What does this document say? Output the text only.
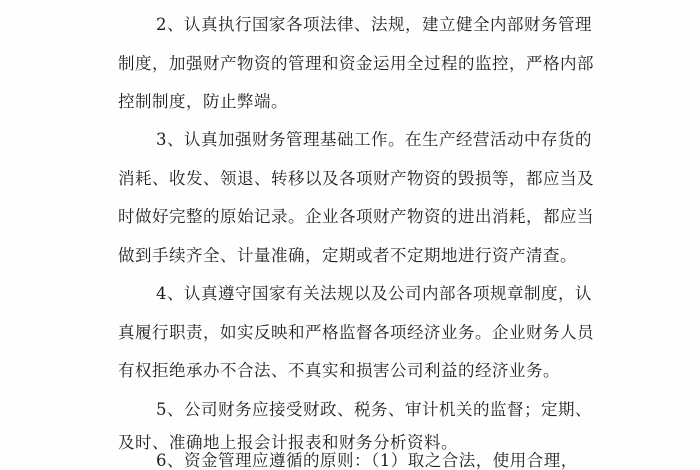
2、认真执行国家各项法律、法规，建立健全内部财务管理
制度，加强财产物资的管理和资金运用全过程的监控，严格内部
控制制度，防止弊端。

3、认真加强财务管理基础工作。在生产经营活动中存货的
消耗、收发、领退、转移以及各项财产物资的毁损等，都应当及
时做好完整的原始记录。企业各项财产物资的进出消耗，都应当
做到手续齐全、计量准确，定期或者不定期地进行资产清查。

4、认真遵守国家有关法规以及公司内部各项规章制度，认
真履行职责，如实反映和严格监督各项经济业务。企业财务人员
有权拒绝承办不合法、不真实和损害公司利益的经济业务。

5、公司财务应接受财政、税务、审计机关的监督；定期、

及时、准确地上报会计报表和财务分析资料。

6、资金管理应遵循的原则：（1）取之合法，使用合理，
